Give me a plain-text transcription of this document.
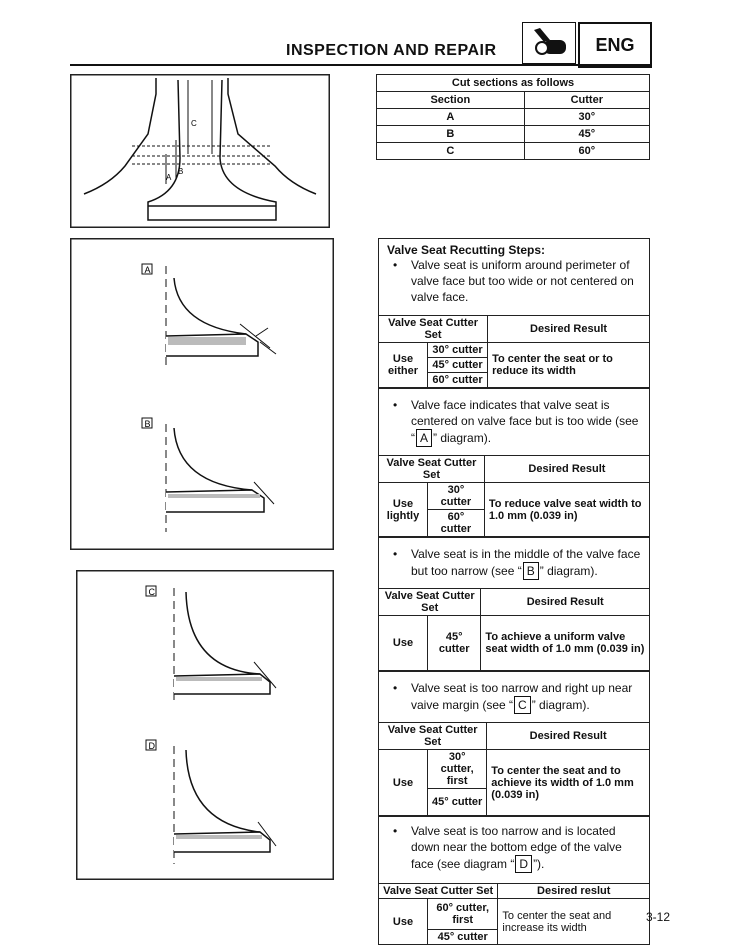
INSPECTION AND REPAIR	ENG
C
B
A
Cut sections as follows	
Section	Cutter
A	30°
B	45°
C	60°
A
B
C
D
Valve Seat Recutting Steps:
•	Valve seat is uniform around perimeter of valve face but too wide or not centered on valve face.
Valve Seat Cutter Set		Desired Result
Use either	30° cutter	To center the seat or to reduce its width
	45° cutter	
	60° cutter	
•	Valve face indicates that valve seat is centered on valve face but is too wide (see “ A ” diagram).
Valve Seat Cutter Set		Desired Result
Use lightly	30° cutter	To reduce valve seat width to 1.0 mm (0.039 in)
	60° cutter	
•	Valve seat is in the middle of the valve face but too narrow (see “ B ” diagram).
Valve Seat Cutter Set		Desired Result
Use	45° cutter	To achieve a uniform valve seat width of 1.0 mm (0.039 in)
•	Valve seat is too narrow and right up near vaive margin (see “ C ” diagram).
Valve Seat Cutter Set		Desired Result
Use	30° cutter, first	To center the seat and to achieve its width of 1.0 mm (0.039 in)
	45° cutter	
•	Valve seat is too narrow and is located down near the bottom edge of the valve face (see diagram “ D ”).
Valve Seat Cutter Set		Desired reslut
Use	60° cutter, first	To center the seat and increase its width
	45° cutter	
3-12
